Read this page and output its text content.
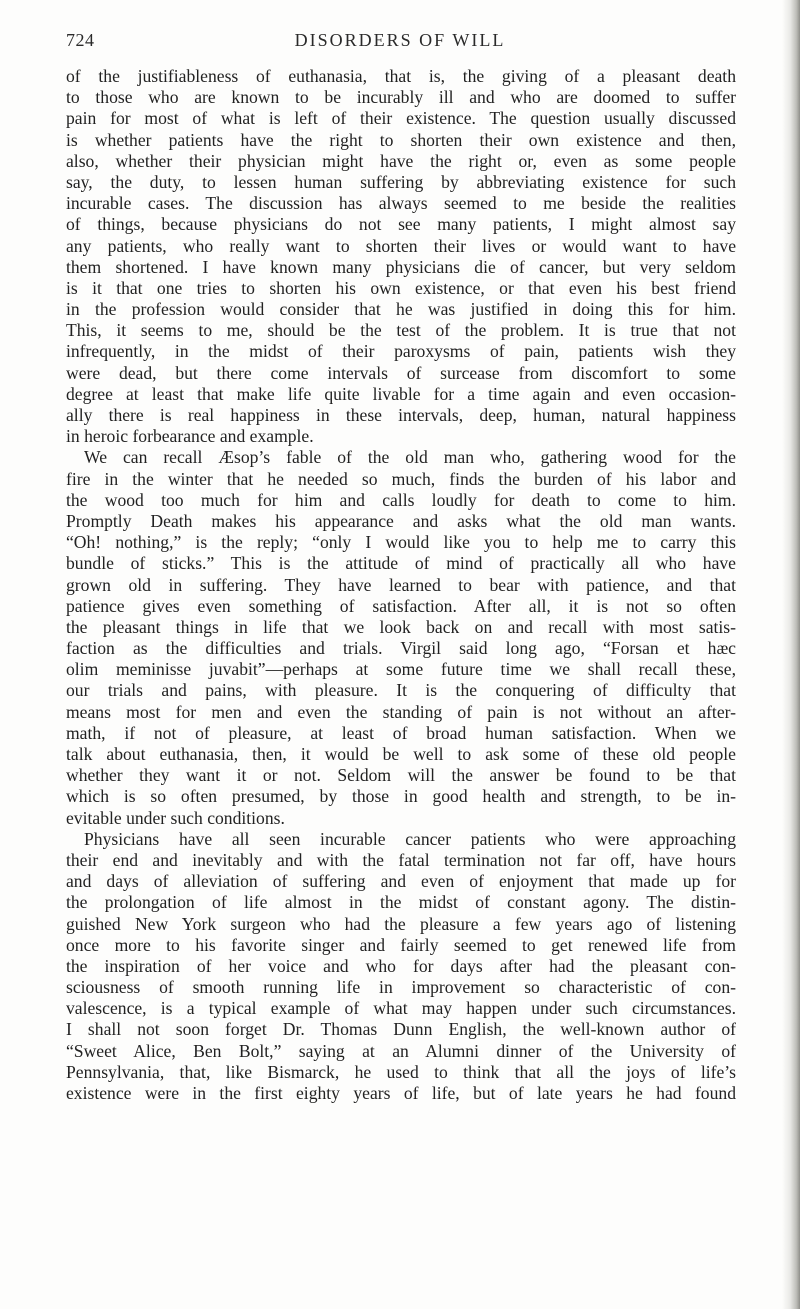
724	DISORDERS OF WILL
of the justifiableness of euthanasia, that is, the giving of a pleasant death
to those who are known to be incurably ill and who are doomed to suffer
pain for most of what is left of their existence. The question usually discussed
is whether patients have the right to shorten their own existence and then,
also, whether their physician might have the right or, even as some people
say, the duty, to lessen human suffering by abbreviating existence for such
incurable cases. The discussion has always seemed to me beside the realities
of things, because physicians do not see many patients, I might almost say
any patients, who really want to shorten their lives or would want to have
them shortened. I have known many physicians die of cancer, but very seldom
is it that one tries to shorten his own existence, or that even his best friend
in the profession would consider that he was justified in doing this for him.
This, it seems to me, should be the test of the problem. It is true that not
infrequently, in the midst of their paroxysms of pain, patients wish they
were dead, but there come intervals of surcease from discomfort to some
degree at least that make life quite livable for a time again and even occasion-
ally there is real happiness in these intervals, deep, human, natural happiness
in heroic forbearance and example.
We can recall Æsop’s fable of the old man who, gathering wood for the
fire in the winter that he needed so much, finds the burden of his labor and
the wood too much for him and calls loudly for death to come to him.
Promptly Death makes his appearance and asks what the old man wants.
“Oh! nothing,” is the reply; “only I would like you to help me to carry this
bundle of sticks.” This is the attitude of mind of practically all who have
grown old in suffering. They have learned to bear with patience, and that
patience gives even something of satisfaction. After all, it is not so often
the pleasant things in life that we look back on and recall with most satis-
faction as the difficulties and trials. Virgil said long ago, “Forsan et hæc
olim meminisse juvabit”—perhaps at some future time we shall recall these,
our trials and pains, with pleasure. It is the conquering of difficulty that
means most for men and even the standing of pain is not without an after-
math, if not of pleasure, at least of broad human satisfaction. When we
talk about euthanasia, then, it would be well to ask some of these old people
whether they want it or not. Seldom will the answer be found to be that
which is so often presumed, by those in good health and strength, to be in-
evitable under such conditions.
Physicians have all seen incurable cancer patients who were approaching
their end and inevitably and with the fatal termination not far off, have hours
and days of alleviation of suffering and even of enjoyment that made up for
the prolongation of life almost in the midst of constant agony. The distin-
guished New York surgeon who had the pleasure a few years ago of listening
once more to his favorite singer and fairly seemed to get renewed life from
the inspiration of her voice and who for days after had the pleasant con-
sciousness of smooth running life in improvement so characteristic of con-
valescence, is a typical example of what may happen under such circumstances.
I shall not soon forget Dr. Thomas Dunn English, the well-known author of
“Sweet Alice, Ben Bolt,” saying at an Alumni dinner of the University of
Pennsylvania, that, like Bismarck, he used to think that all the joys of life’s
existence were in the first eighty years of life, but of late years he had found
